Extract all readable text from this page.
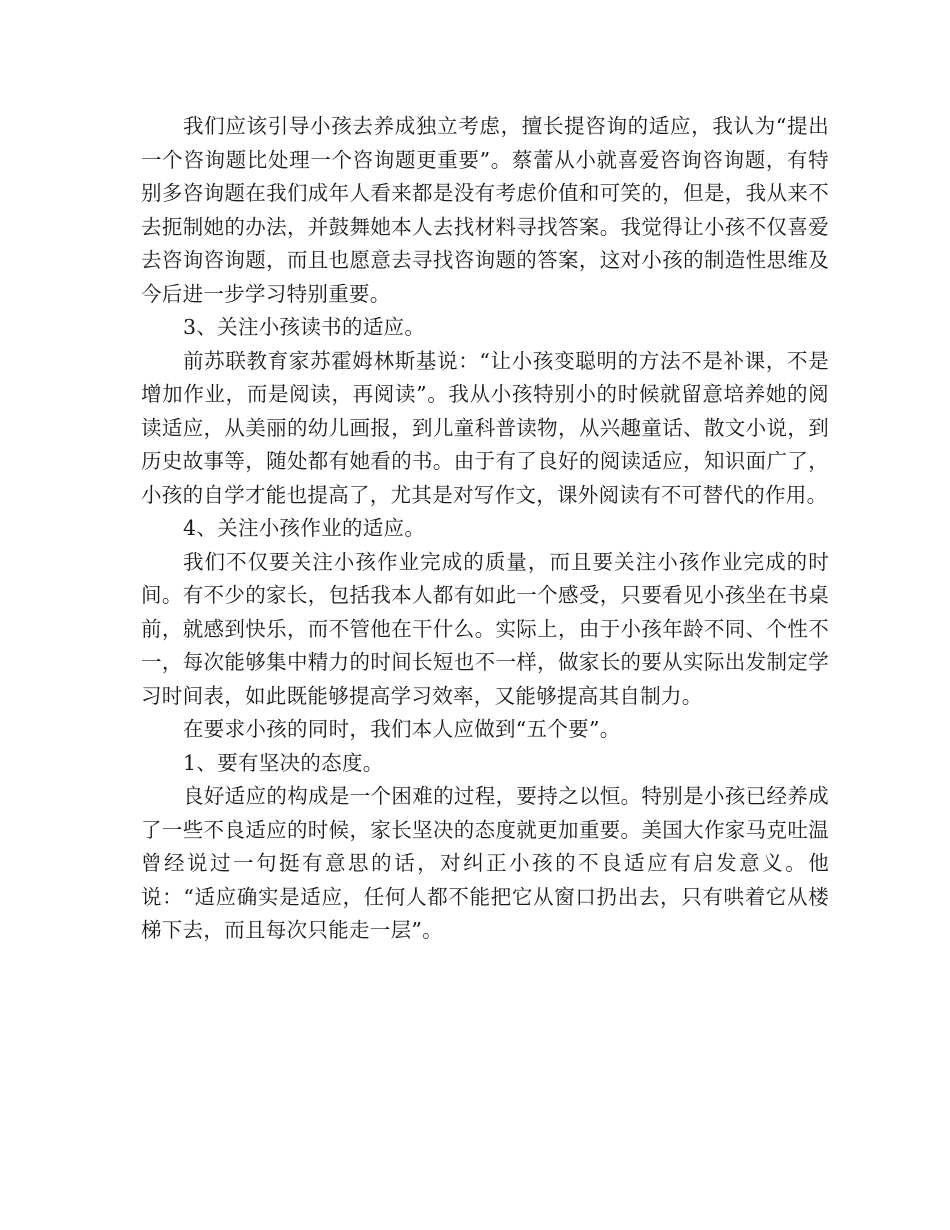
我们应该引导小孩去养成独立考虑，擅长提咨询的适应，我认为“提出一个咨询题比处理一个咨询题更重要”。蔡蕾从小就喜爱咨询咨询题，有特别多咨询题在我们成年人看来都是没有考虑价值和可笑的，但是，我从来不去扼制她的办法，并鼓舞她本人去找材料寻找答案。我觉得让小孩不仅喜爱去咨询咨询题，而且也愿意去寻找咨询题的答案，这对小孩的制造性思维及今后进一步学习特别重要。

3、关注小孩读书的适应。

前苏联教育家苏霍姆林斯基说：“让小孩变聪明的方法不是补课，不是增加作业，而是阅读，再阅读”。我从小孩特别小的时候就留意培养她的阅读适应，从美丽的幼儿画报，到儿童科普读物，从兴趣童话、散文小说，到历史故事等，随处都有她看的书。由于有了良好的阅读适应，知识面广了，小孩的自学才能也提高了，尤其是对写作文，课外阅读有不可替代的作用。

4、关注小孩作业的适应。

我们不仅要关注小孩作业完成的质量，而且要关注小孩作业完成的时间。有不少的家长，包括我本人都有如此一个感受，只要看见小孩坐在书桌前，就感到快乐，而不管他在干什么。实际上，由于小孩年龄不同、个性不一，每次能够集中精力的时间长短也不一样，做家长的要从实际出发制定学习时间表，如此既能够提高学习效率，又能够提高其自制力。

在要求小孩的同时，我们本人应做到“五个要”。

1、要有坚决的态度。

良好适应的构成是一个困难的过程，要持之以恒。特别是小孩已经养成了一些不良适应的时候，家长坚决的态度就更加重要。美国大作家马克吐温曾经说过一句挺有意思的话，对纠正小孩的不良适应有启发意义。他说：“适应确实是适应，任何人都不能把它从窗口扔出去，只有哄着它从楼梯下去，而且每次只能走一层”。
